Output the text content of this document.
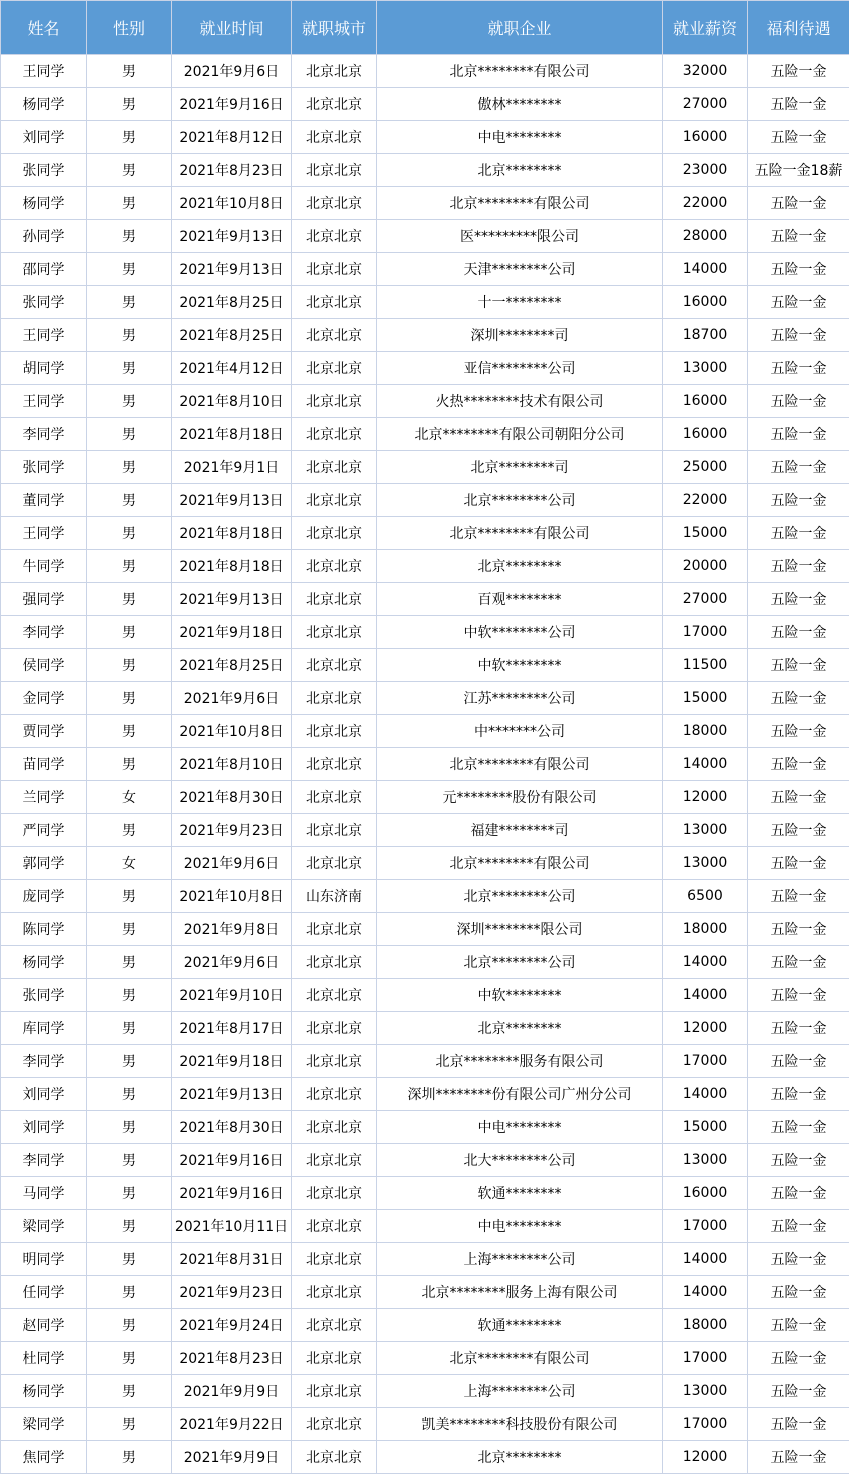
姓名	性别	就业时间	就职城市	就职企业	就业薪资	福利待遇
王同学	男	2021年9月6日	北京北京	北京********有限公司	32000	五险一金
杨同学	男	2021年9月16日	北京北京	傲林********	27000	五险一金
刘同学	男	2021年8月12日	北京北京	中电********	16000	五险一金
张同学	男	2021年8月23日	北京北京	北京********	23000	五险一金18薪
杨同学	男	2021年10月8日	北京北京	北京********有限公司	22000	五险一金
孙同学	男	2021年9月13日	北京北京	医*********限公司	28000	五险一金
邵同学	男	2021年9月13日	北京北京	天津********公司	14000	五险一金
张同学	男	2021年8月25日	北京北京	十一********	16000	五险一金
王同学	男	2021年8月25日	北京北京	深圳********司	18700	五险一金
胡同学	男	2021年4月12日	北京北京	亚信********公司	13000	五险一金
王同学	男	2021年8月10日	北京北京	火热********技术有限公司	16000	五险一金
李同学	男	2021年8月18日	北京北京	北京********有限公司朝阳分公司	16000	五险一金
张同学	男	2021年9月1日	北京北京	北京********司	25000	五险一金
董同学	男	2021年9月13日	北京北京	北京********公司	22000	五险一金
王同学	男	2021年8月18日	北京北京	北京********有限公司	15000	五险一金
牛同学	男	2021年8月18日	北京北京	北京********	20000	五险一金
强同学	男	2021年9月13日	北京北京	百观********	27000	五险一金
李同学	男	2021年9月18日	北京北京	中软********公司	17000	五险一金
侯同学	男	2021年8月25日	北京北京	中软********	11500	五险一金
金同学	男	2021年9月6日	北京北京	江苏********公司	15000	五险一金
贾同学	男	2021年10月8日	北京北京	中*******公司	18000	五险一金
苗同学	男	2021年8月10日	北京北京	北京********有限公司	14000	五险一金
兰同学	女	2021年8月30日	北京北京	元********股份有限公司	12000	五险一金
严同学	男	2021年9月23日	北京北京	福建********司	13000	五险一金
郭同学	女	2021年9月6日	北京北京	北京********有限公司	13000	五险一金
庞同学	男	2021年10月8日	山东济南	北京********公司	6500	五险一金
陈同学	男	2021年9月8日	北京北京	深圳********限公司	18000	五险一金
杨同学	男	2021年9月6日	北京北京	北京********公司	14000	五险一金
张同学	男	2021年9月10日	北京北京	中软********	14000	五险一金
库同学	男	2021年8月17日	北京北京	北京********	12000	五险一金
李同学	男	2021年9月18日	北京北京	北京********服务有限公司	17000	五险一金
刘同学	男	2021年9月13日	北京北京	深圳********份有限公司广州分公司	14000	五险一金
刘同学	男	2021年8月30日	北京北京	中电********	15000	五险一金
李同学	男	2021年9月16日	北京北京	北大********公司	13000	五险一金
马同学	男	2021年9月16日	北京北京	软通********	16000	五险一金
梁同学	男	2021年10月11日	北京北京	中电********	17000	五险一金
明同学	男	2021年8月31日	北京北京	上海********公司	14000	五险一金
任同学	男	2021年9月23日	北京北京	北京********服务上海有限公司	14000	五险一金
赵同学	男	2021年9月24日	北京北京	软通********	18000	五险一金
杜同学	男	2021年8月23日	北京北京	北京********有限公司	17000	五险一金
杨同学	男	2021年9月9日	北京北京	上海********公司	13000	五险一金
梁同学	男	2021年9月22日	北京北京	凯美********科技股份有限公司	17000	五险一金
焦同学	男	2021年9月9日	北京北京	北京********	12000	五险一金
